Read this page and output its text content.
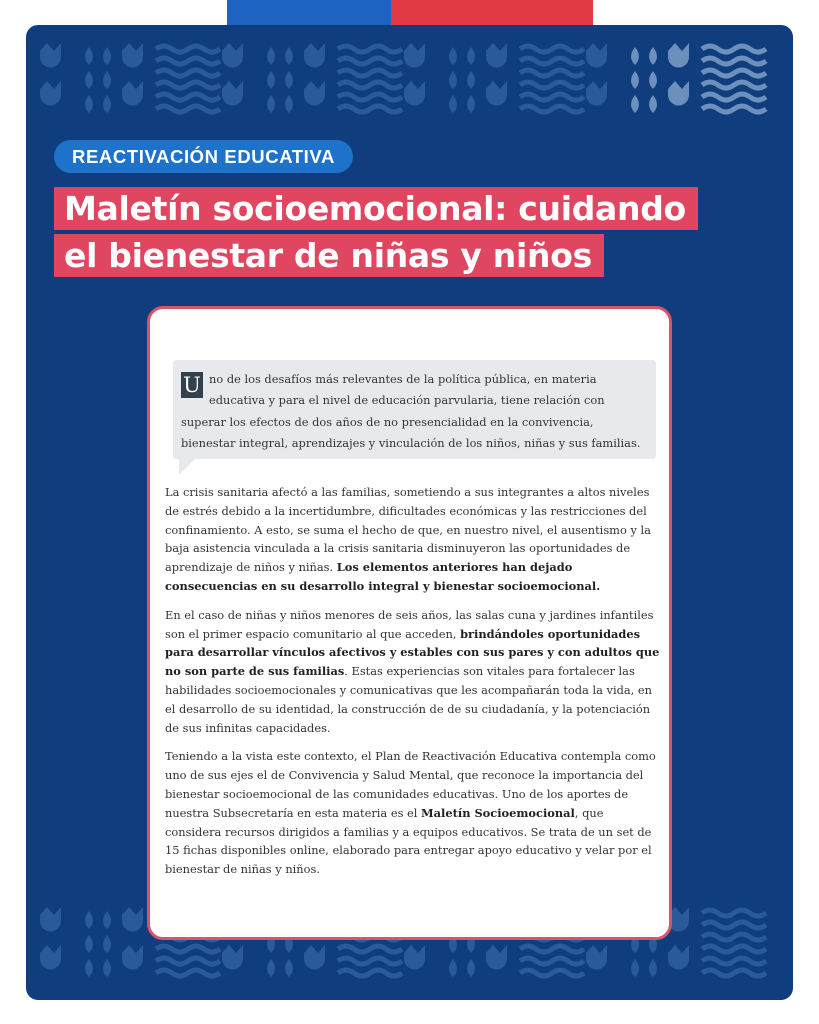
REACTIVACIÓN EDUCATIVA
Maletín socioemocional: cuidando
el bienestar de niñas y niños
U no de los desafíos más relevantes de la política pública, en materia educativa y para el nivel de educación parvularia, tiene relación con superar los efectos de dos años de no presencialidad en la convivencia, bienestar integral, aprendizajes y vinculación de los niños, niñas y sus familias.

La crisis sanitaria afectó a las familias, sometiendo a sus integrantes a altos niveles de estrés debido a la incertidumbre, dificultades económicas y las restricciones del confinamiento. A esto, se suma el hecho de que, en nuestro nivel, el ausentismo y la baja asistencia vinculada a la crisis sanitaria disminuyeron las oportunidades de aprendizaje de niños y niñas. Los elementos anteriores han dejado consecuencias en su desarrollo integral y bienestar socioemocional.

En el caso de niñas y niños menores de seis años, las salas cuna y jardines infantiles son el primer espacio comunitario al que acceden, brindándoles oportunidades para desarrollar vínculos afectivos y estables con sus pares y con adultos que no son parte de sus familias. Estas experiencias son vitales para fortalecer las habilidades socioemocionales y comunicativas que les acompañarán toda la vida, en el desarrollo de su identidad, la construcción de de su ciudadanía, y la potenciación de sus infinitas capacidades.

Teniendo a la vista este contexto, el Plan de Reactivación Educativa contempla como uno de sus ejes el de Convivencia y Salud Mental, que reconoce la importancia del bienestar socioemocional de las comunidades educativas. Uno de los aportes de nuestra Subsecretaría en esta materia es el Maletín Socioemocional, que considera recursos dirigidos a familias y a equipos educativos. Se trata de un set de 15 fichas disponibles online, elaborado para entregar apoyo educativo y velar por el bienestar de niñas y niños.
